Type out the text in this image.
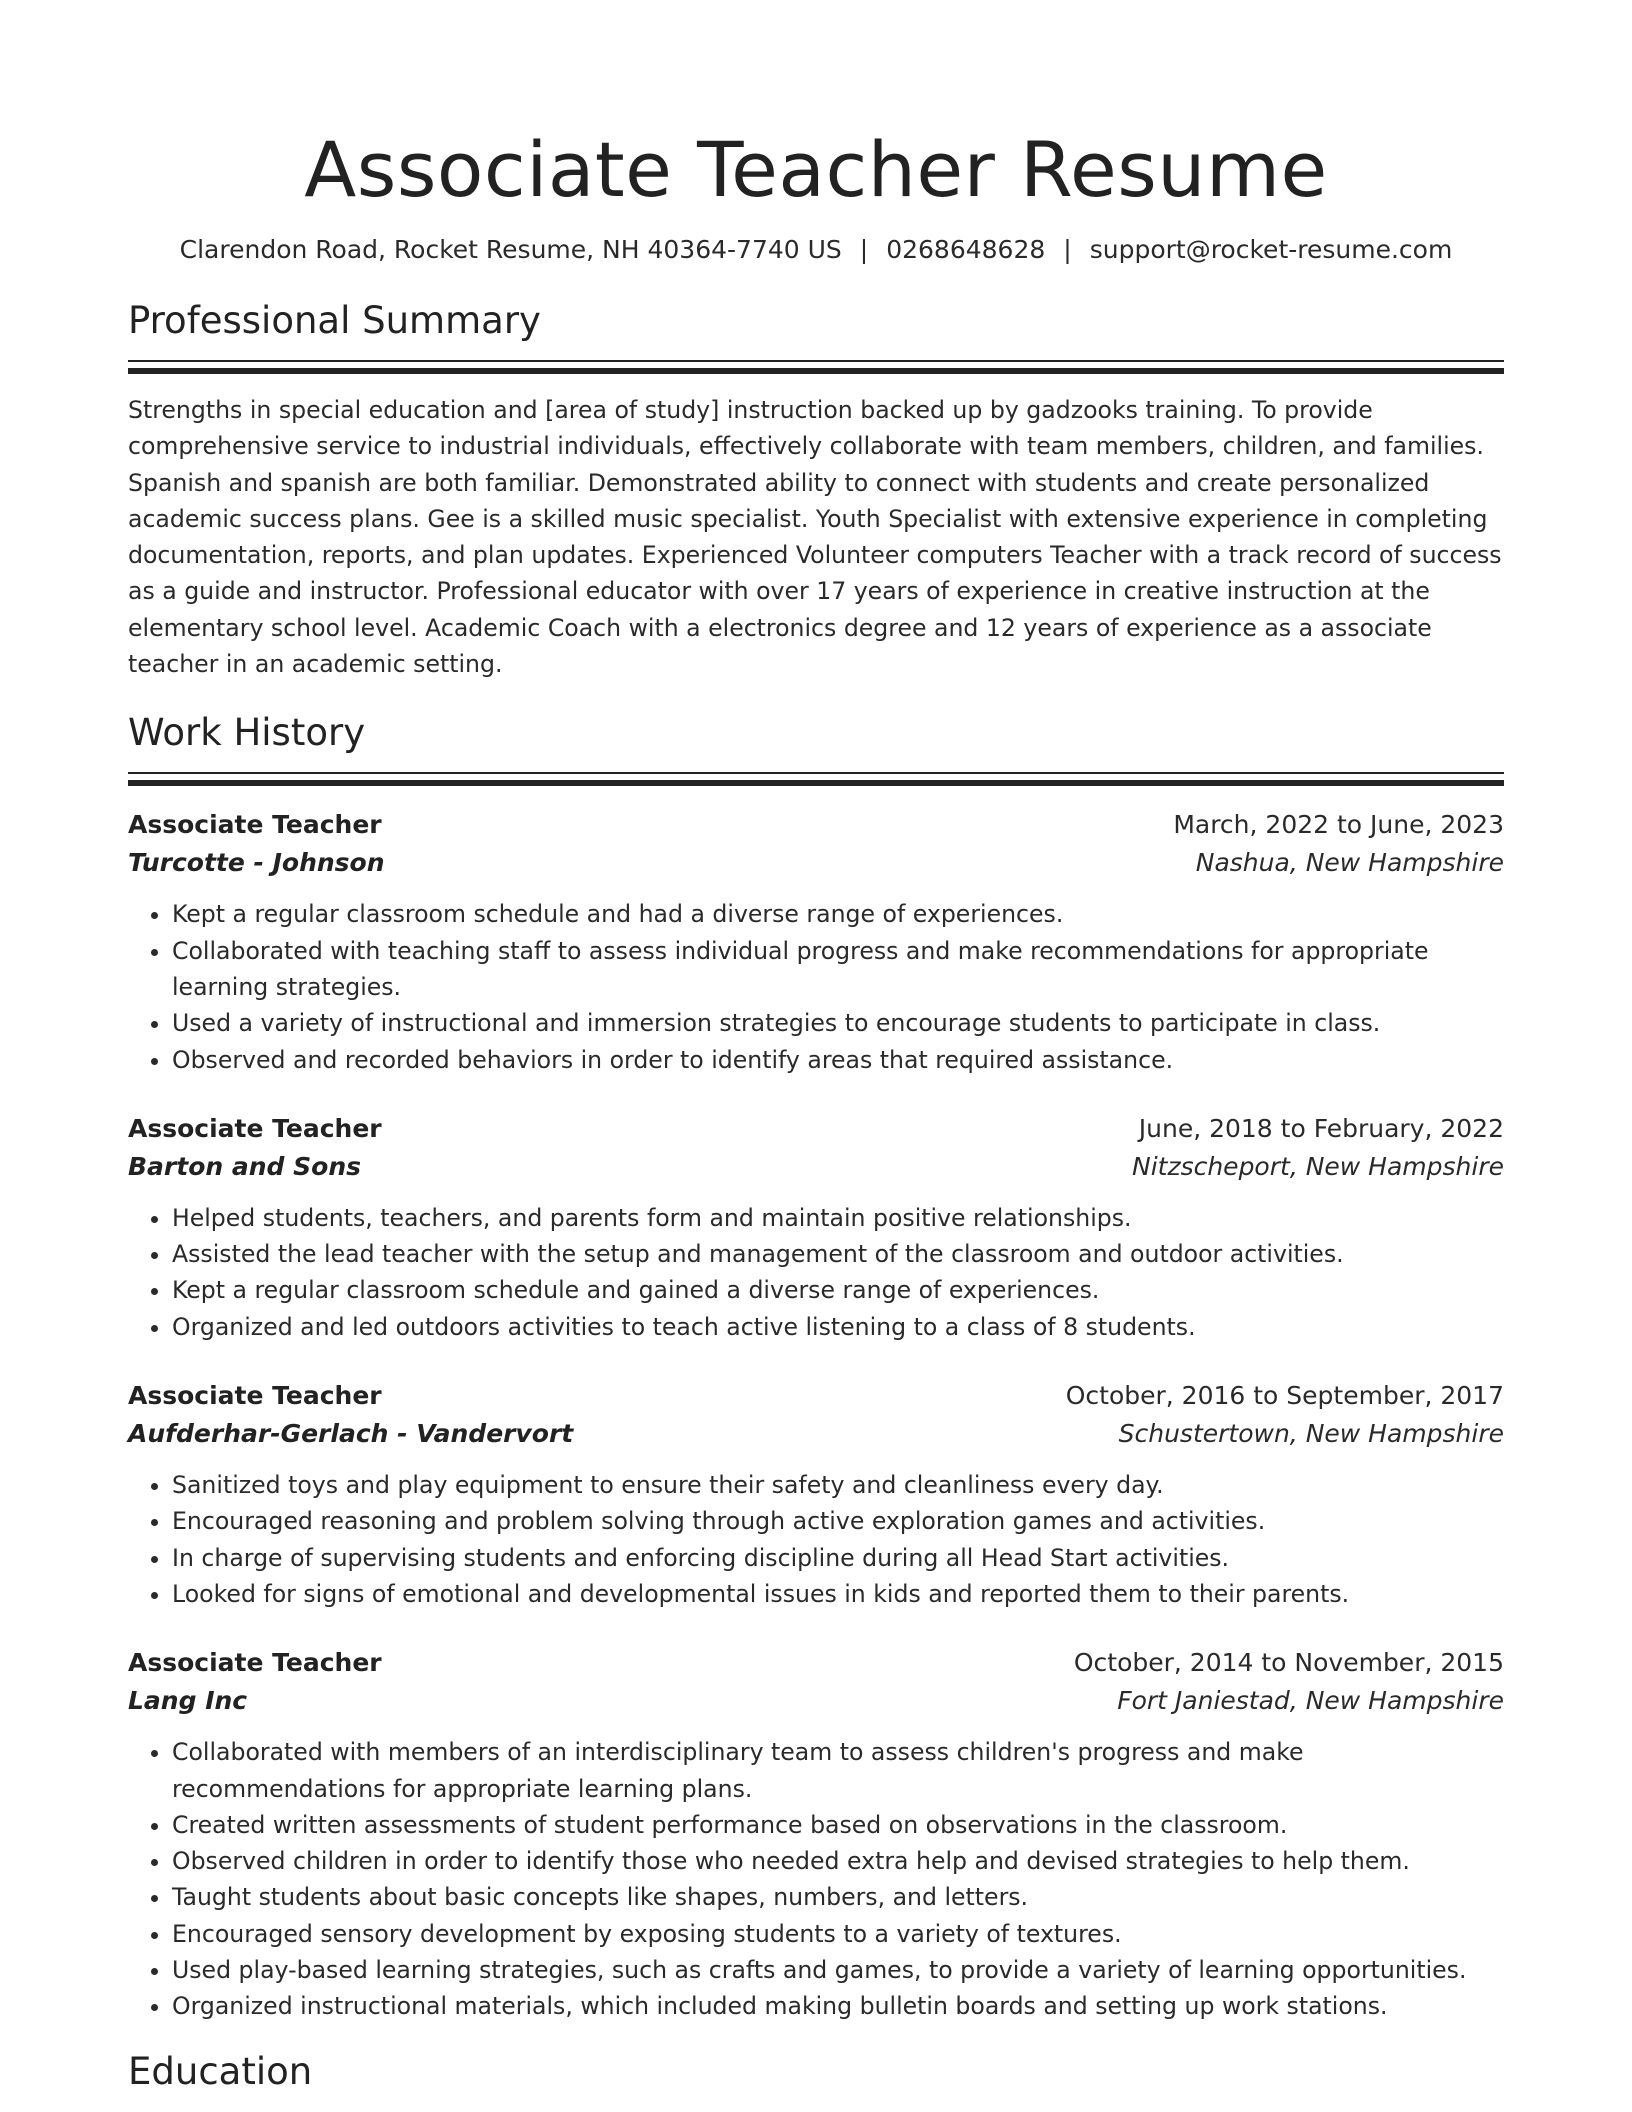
Associate Teacher Resume
Clarendon Road, Rocket Resume, NH 40364-7740 US | 0268648628 | support@rocket-resume.com
Professional Summary

Strengths in special education and [area of study] instruction backed up by gadzooks training. To provide comprehensive service to industrial individuals, effectively collaborate with team members, children, and families. Spanish and spanish are both familiar. Demonstrated ability to connect with students and create personalized academic success plans. Gee is a skilled music specialist. Youth Specialist with extensive experience in completing documentation, reports, and plan updates. Experienced Volunteer computers Teacher with a track record of success as a guide and instructor. Professional educator with over 17 years of experience in creative instruction at the elementary school level. Academic Coach with a electronics degree and 12 years of experience as a associate teacher in an academic setting.

Work History
Associate Teacher	March, 2022 to June, 2023
Turcotte - Johnson	Nashua, New Hampshire
• Kept a regular classroom schedule and had a diverse range of experiences.
• Collaborated with teaching staff to assess individual progress and make recommendations for appropriate learning strategies.
• Used a variety of instructional and immersion strategies to encourage students to participate in class.
• Observed and recorded behaviors in order to identify areas that required assistance.
Associate Teacher	June, 2018 to February, 2022
Barton and Sons	Nitzscheport, New Hampshire
• Helped students, teachers, and parents form and maintain positive relationships.
• Assisted the lead teacher with the setup and management of the classroom and outdoor activities.
• Kept a regular classroom schedule and gained a diverse range of experiences.
• Organized and led outdoors activities to teach active listening to a class of 8 students.
Associate Teacher	October, 2016 to September, 2017
Aufderhar-Gerlach - Vandervort	Schustertown, New Hampshire
• Sanitized toys and play equipment to ensure their safety and cleanliness every day.
• Encouraged reasoning and problem solving through active exploration games and activities.
• In charge of supervising students and enforcing discipline during all Head Start activities.
• Looked for signs of emotional and developmental issues in kids and reported them to their parents.
Associate Teacher	October, 2014 to November, 2015
Lang Inc	Fort Janiestad, New Hampshire
• Collaborated with members of an interdisciplinary team to assess children's progress and make recommendations for appropriate learning plans.
• Created written assessments of student performance based on observations in the classroom.
• Observed children in order to identify those who needed extra help and devised strategies to help them.
• Taught students about basic concepts like shapes, numbers, and letters.
• Encouraged sensory development by exposing students to a variety of textures.
• Used play-based learning strategies, such as crafts and games, to provide a variety of learning opportunities.
• Organized instructional materials, which included making bulletin boards and setting up work stations.
Education
